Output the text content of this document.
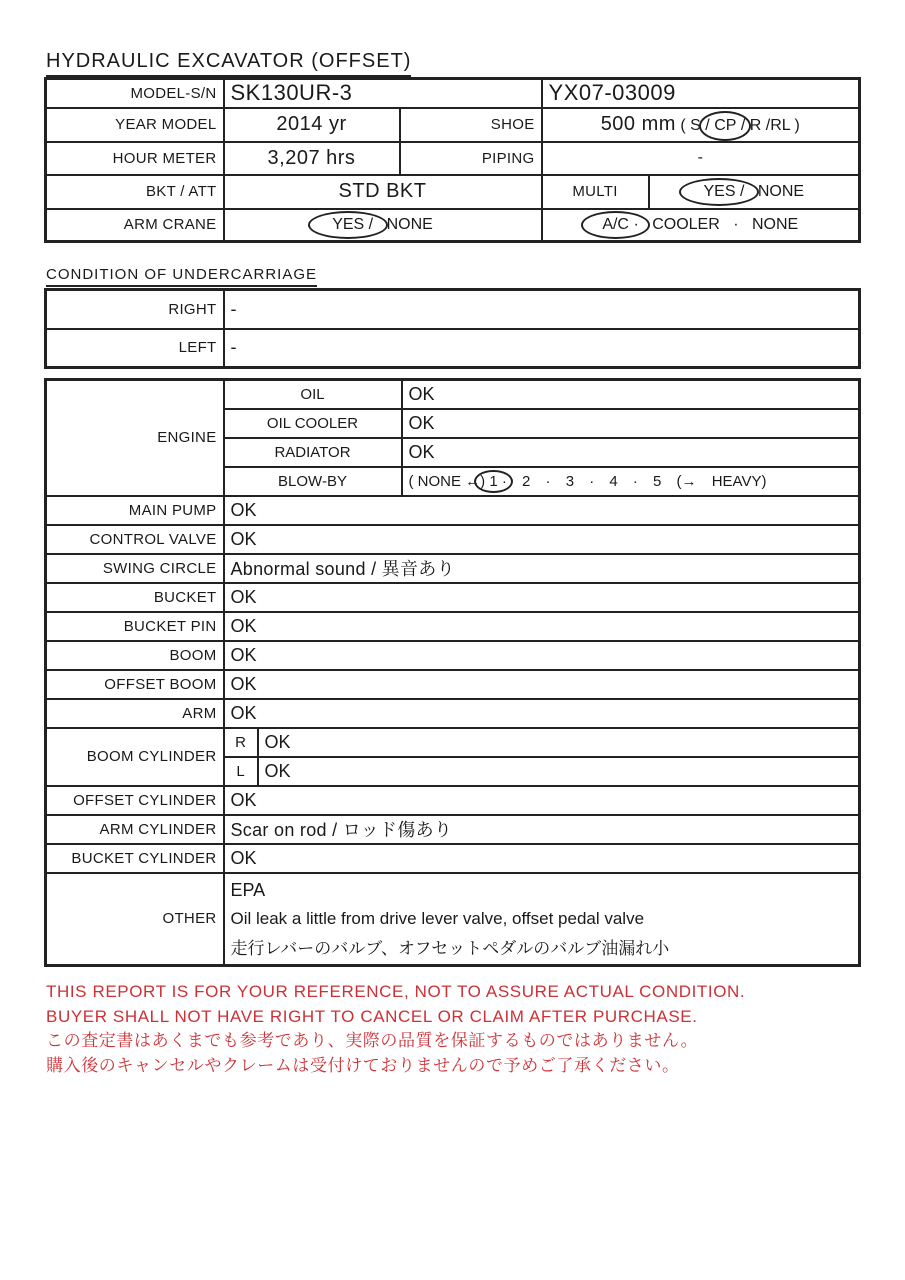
HYDRAULIC EXCAVATOR (OFFSET)
MODEL-S/N	SK130UR-3		YX07-03009	
YEAR MODEL	2014 yr	SHOE	500 mm ( S / CP / R /RL )	
HOUR METER	3,207 hrs	PIPING	-	
BKT / ATT	STD BKT		MULTI	YES / NONE
ARM CRANE	YES / NONE		A/C · COOLER · NONE	
CONDITION OF UNDERCARRIAGE
RIGHT	-
LEFT	-
ENGINE	OIL		OK
	OIL COOLER		OK
	RADIATOR		OK
	BLOW-BY		( NONE ←) 1 · 2 · 3 · 4 · 5 (→ HEAVY)
MAIN PUMP	OK		
CONTROL VALVE	OK		
SWING CIRCLE	Abnormal sound / 異音あり		
BUCKET	OK		
BUCKET PIN	OK		
BOOM	OK		
OFFSET BOOM	OK		
ARM	OK		
BOOM CYLINDER	R	OK	
	L	OK	
OFFSET CYLINDER	OK		
ARM CYLINDER	Scar on rod / ロッド傷あり		
BUCKET CYLINDER	OK		
OTHER	EPA
Oil leak a little from drive lever valve, offset pedal valve
走行レバーのバルブ、オフセットペダルのバルブ油漏れ小		
THIS REPORT IS FOR YOUR REFERENCE, NOT TO ASSURE ACTUAL CONDITION.
BUYER SHALL NOT HAVE RIGHT TO CANCEL OR CLAIM AFTER PURCHASE.
この査定書はあくまでも参考であり、実際の品質を保証するものではありません。
購入後のキャンセルやクレームは受付けておりませんので予めご了承ください。
